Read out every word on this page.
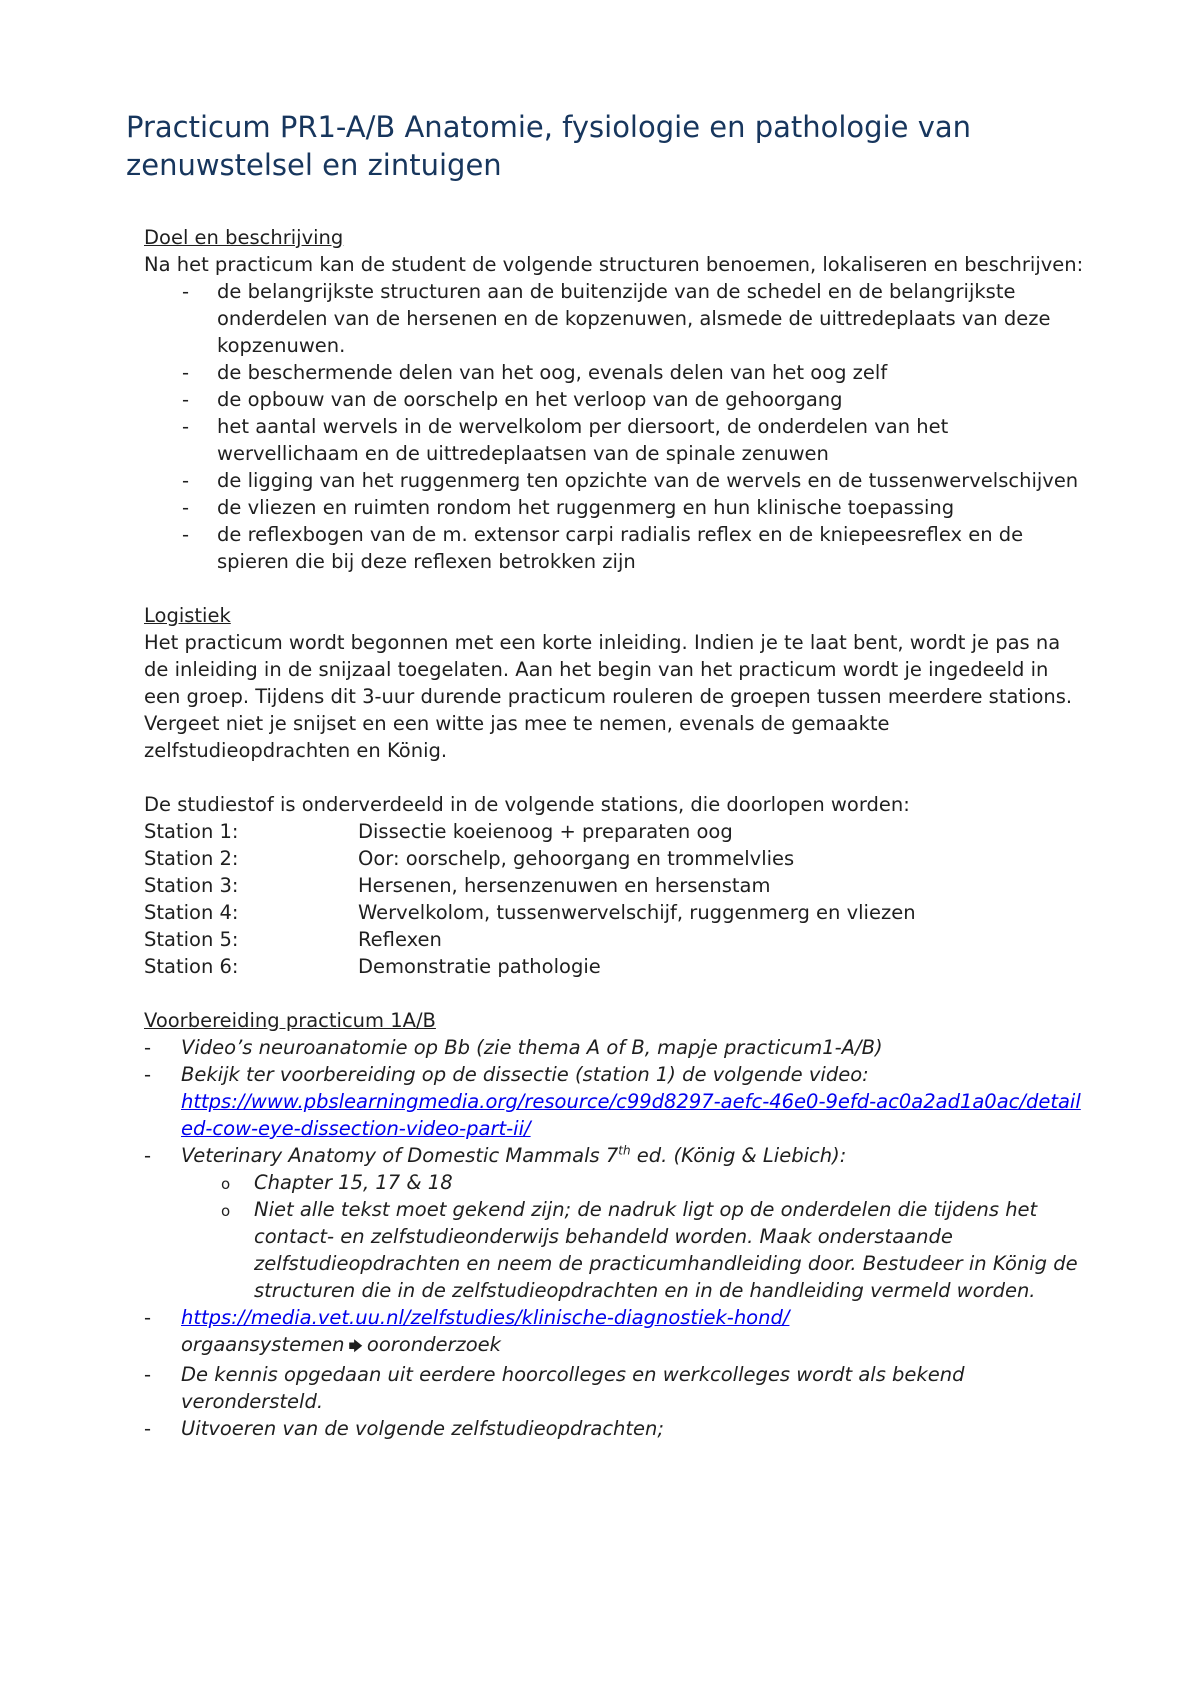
Practicum PR1-A/B Anatomie, fysiologie en pathologie van zenuwstelsel en zintuigen
Doel en beschrijving
Na het practicum kan de student de volgende structuren benoemen, lokaliseren en beschrijven:
- de belangrijkste structuren aan de buitenzijde van de schedel en de belangrijkste onderdelen van de hersenen en de kopzenuwen, alsmede de uittredeplaats van deze kopzenuwen.
- de beschermende delen van het oog, evenals delen van het oog zelf
- de opbouw van de oorschelp en het verloop van de gehoorgang
- het aantal wervels in de wervelkolom per diersoort, de onderdelen van het wervellichaam en de uittredeplaatsen van de spinale zenuwen
- de ligging van het ruggenmerg ten opzichte van de wervels en de tussenwervelschijven
- de vliezen en ruimten rondom het ruggenmerg en hun klinische toepassing
- de reflexbogen van de m. extensor carpi radialis reflex en de kniepeesreflex en de spieren die bij deze reflexen betrokken zijn
Logistiek
Het practicum wordt begonnen met een korte inleiding. Indien je te laat bent, wordt je pas na de inleiding in de snijzaal toegelaten. Aan het begin van het practicum wordt je ingedeeld in een groep. Tijdens dit 3-uur durende practicum rouleren de groepen tussen meerdere stations. Vergeet niet je snijset en een witte jas mee te nemen, evenals de gemaakte zelfstudieopdrachten en König.
De studiestof is onderverdeeld in de volgende stations, die doorlopen worden:
Station 1:	Dissectie koeienoog + preparaten oog
Station 2:	Oor: oorschelp, gehoorgang en trommelvlies
Station 3:	Hersenen, hersenzenuwen en hersenstam
Station 4:	Wervelkolom, tussenwervelschijf, ruggenmerg en vliezen
Station 5:	Reflexen
Station 6:	Demonstratie pathologie
Voorbereiding practicum 1A/B
- Video’s neuroanatomie op Bb (zie thema A of B, mapje practicum1-A/B)
- Bekijk ter voorbereiding op de dissectie (station 1) de volgende video:
https://www.pbslearningmedia.org/resource/c99d8297-aefc-46e0-9efd-ac0a2ad1a0ac/detailed-cow-eye-dissection-video-part-ii/
- Veterinary Anatomy of Domestic Mammals 7th ed. (König & Liebich):
o Chapter 15, 17 & 18
o Niet alle tekst moet gekend zijn; de nadruk ligt op de onderdelen die tijdens het contact- en zelfstudieonderwijs behandeld worden. Maak onderstaande zelfstudieopdrachten en neem de practicumhandleiding door. Bestudeer in König de structuren die in de zelfstudieopdrachten en in de handleiding vermeld worden.
- https://media.vet.uu.nl/zelfstudies/klinische-diagnostiek-hond/
orgaansystemen 🡆 ooronderzoek
- De kennis opgedaan uit eerdere hoorcolleges en werkcolleges wordt als bekend verondersteld.
- Uitvoeren van de volgende zelfstudieopdrachten;
